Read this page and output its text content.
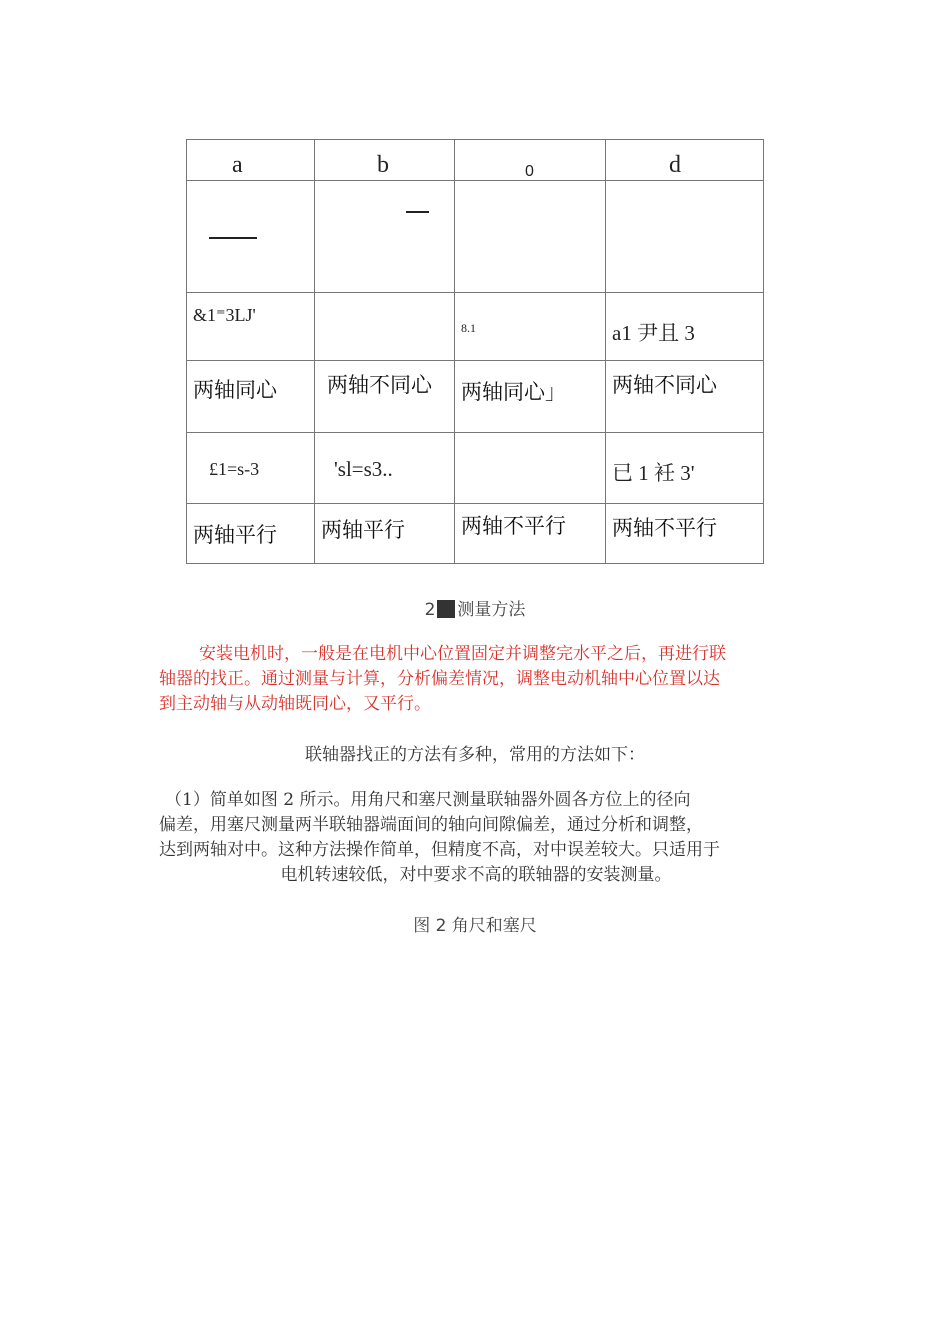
a	b	0	d

&1⁼3LJ'		8.1	a1 尹且 3

两轴同心	两轴不同心	两轴同心」	两轴不同心

£1=s-3	'sl=s3..		已 1 衽 3'

两轴平行	两轴平行	两轴不平行	两轴不平行
2 测量方法

安装电机时，一般是在电机中心位置固定并调整完水平之后，再进行联

轴器的找正。通过测量与计算，分析偏差情况，调整电动机轴中心位置以达

到主动轴与从动轴既同心，又平行。

联轴器找正的方法有多种，常用的方法如下：

（1）简单如图 2 所示。用角尺和塞尺测量联轴器外圆各方位上的径向

偏差，用塞尺测量两半联轴器端面间的轴向间隙偏差，通过分析和调整，

达到两轴对中。这种方法操作简单，但精度不高，对中误差较大。只适用于

电机转速较低，对中要求不高的联轴器的安装测量。

图 2 角尺和塞尺
